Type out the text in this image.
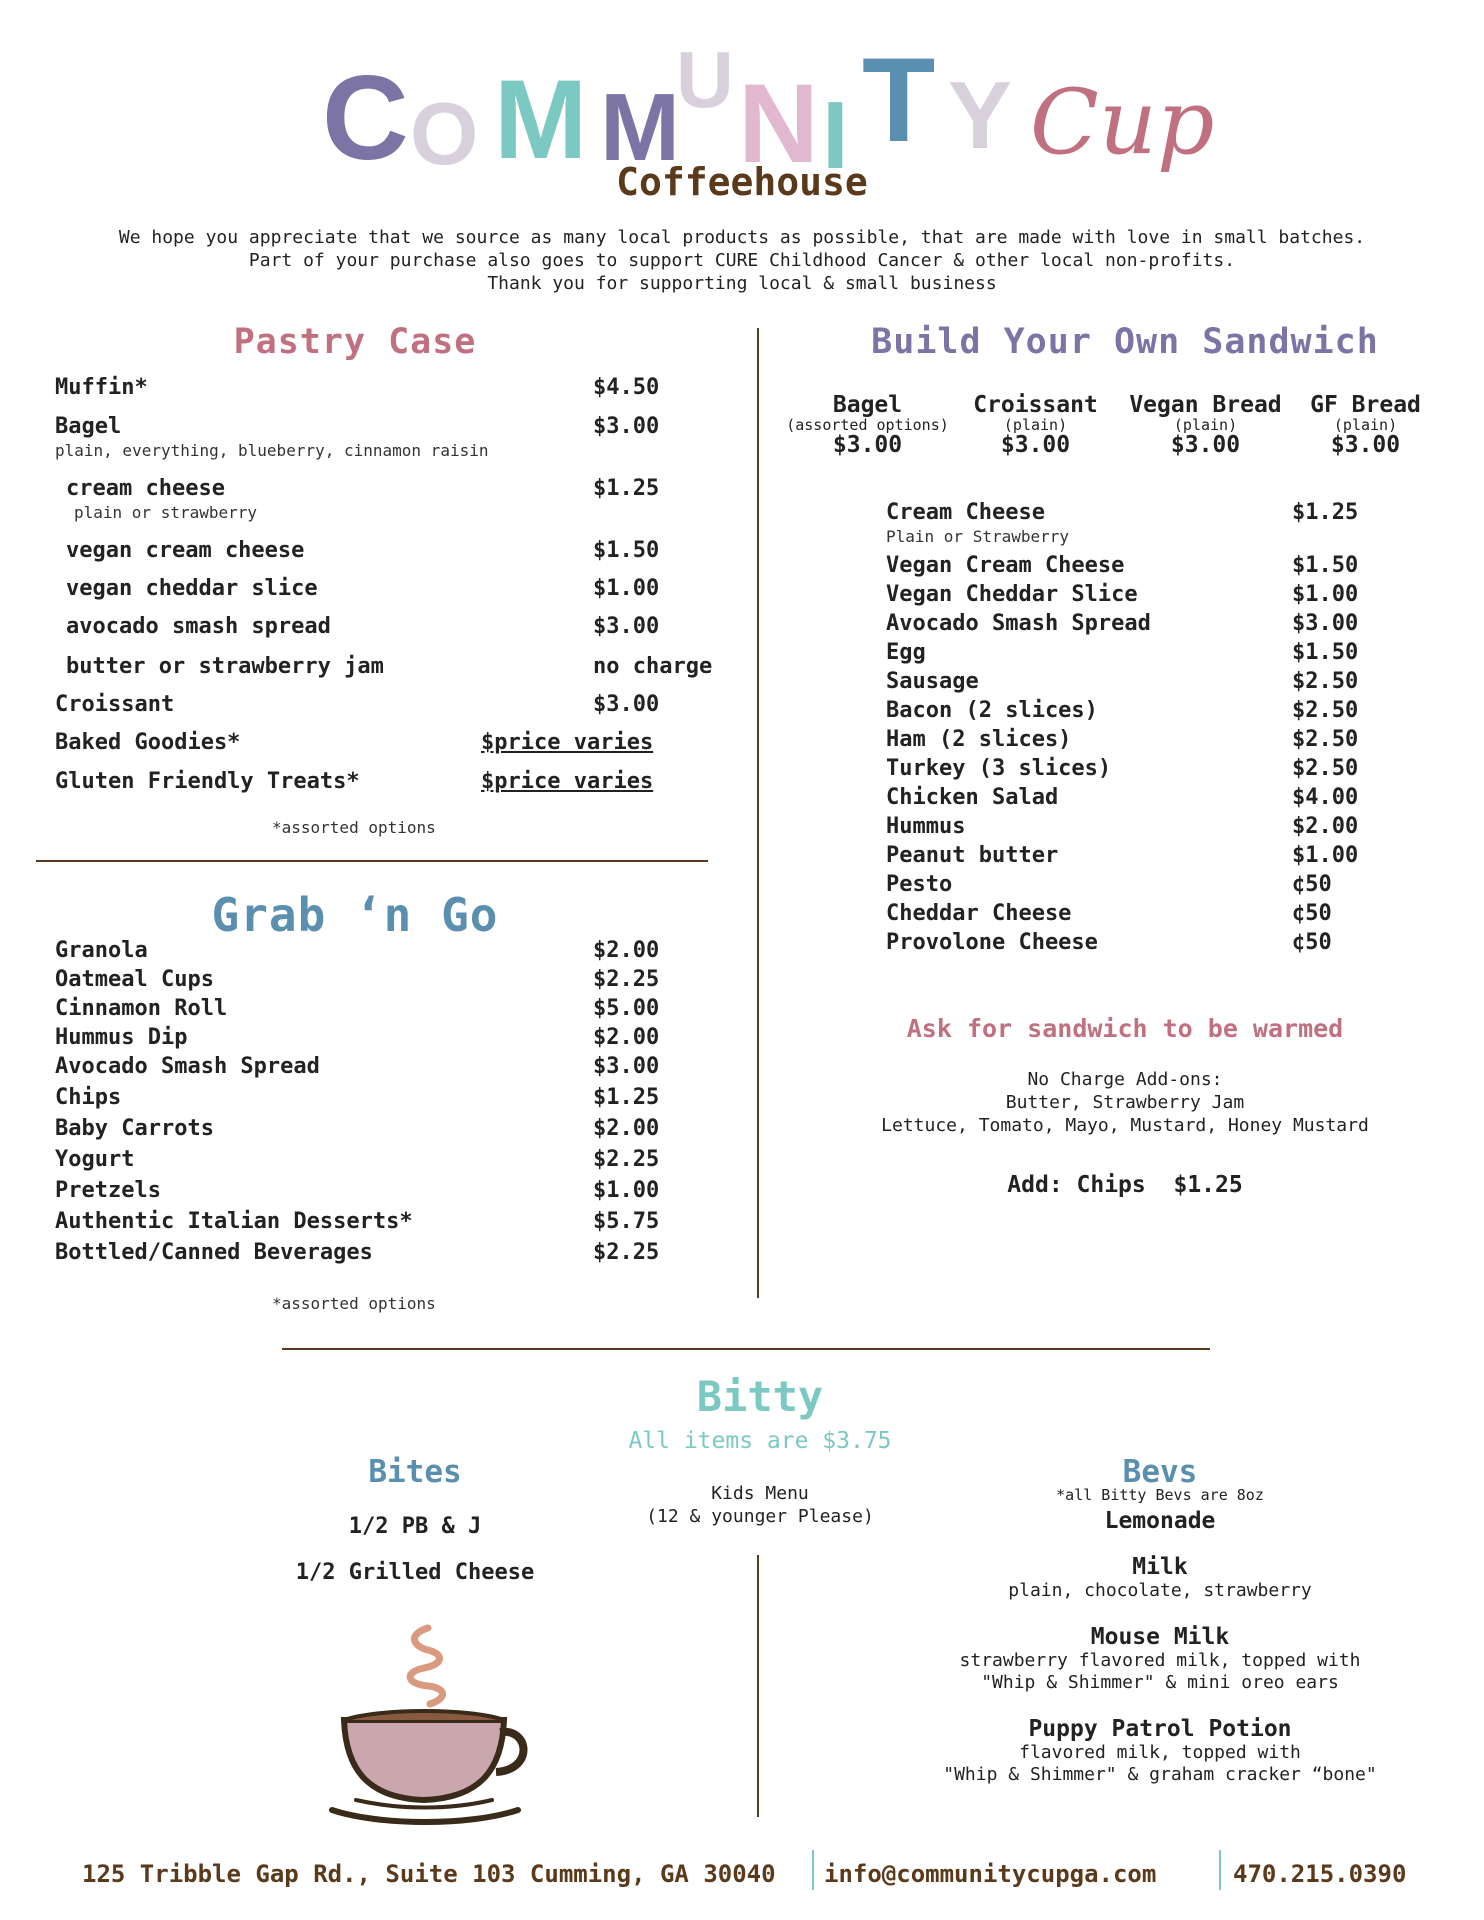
C O M M
U N I T Y Cup
Coffeehouse
We hope you appreciate that we source as many local products as possible, that are made with love in small batches.
Part of your purchase also goes to support CURE Childhood Cancer & other local non-profits.
Thank you for supporting local & small business
Pastry Case
Muffin*	$4.50
Bagel	$3.00
plain, everything, blueberry, cinnamon raisin
cream cheese	$1.25
plain or strawberry
vegan cream cheese	$1.50
vegan cheddar slice	$1.00
avocado smash spread	$3.00
butter or strawberry jam	no charge
Croissant	$3.00
Baked Goodies*	$price varies
Gluten Friendly Treats*	$price varies
*assorted options
Grab ‘n Go
Granola	$2.00
Oatmeal Cups	$2.25
Cinnamon Roll	$5.00
Hummus Dip	$2.00
Avocado Smash Spread	$3.00
Chips	$1.25
Baby Carrots	$2.00
Yogurt	$2.25
Pretzels	$1.00
Authentic Italian Desserts*	$5.75
Bottled/Canned Beverages	$2.25
*assorted options
Build Your Own Sandwich
Bagel
(assorted options)
$3.00
Croissant
(plain)
$3.00
Vegan Bread
(plain)
$3.00
GF Bread
(plain)
$3.00
Cream Cheese	$1.25
Plain or Strawberry
Vegan Cream Cheese	$1.50
Vegan Cheddar Slice	$1.00
Avocado Smash Spread	$3.00
Egg	$1.50
Sausage	$2.50
Bacon (2 slices)	$2.50
Ham (2 slices)	$2.50
Turkey (3 slices)	$2.50
Chicken Salad	$4.00
Hummus	$2.00
Peanut butter	$1.00
Pesto	¢50
Cheddar Cheese	¢50
Provolone Cheese	¢50
Ask for sandwich to be warmed
No Charge Add-ons:
Butter, Strawberry Jam
Lettuce, Tomato, Mayo, Mustard, Honey Mustard
Add: Chips $1.25
Bitty
All items are $3.75
Bites
Kids Menu
(12 & younger Please)
1/2 PB & J
1/2 Grilled Cheese
Bevs
*all Bitty Bevs are 8oz
Lemonade
Milk
plain, chocolate, strawberry
Mouse Milk
strawberry flavored milk, topped with
"Whip & Shimmer" & mini oreo ears
Puppy Patrol Potion
flavored milk, topped with
"Whip & Shimmer" & graham cracker “bone"
125 Tribble Gap Rd., Suite 103 Cumming, GA 30040 info@communitycupga.com	470.215.0390
